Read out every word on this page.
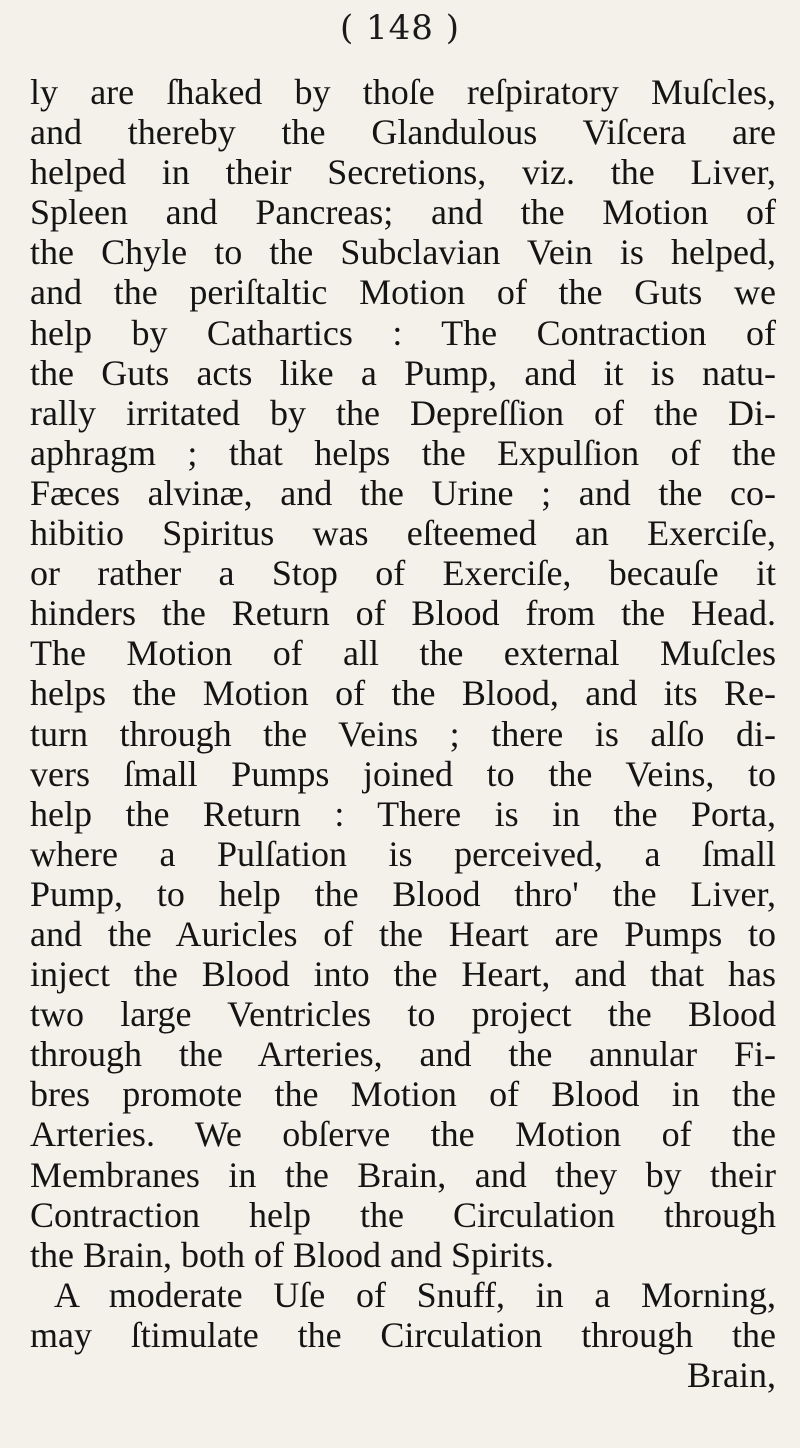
( 148 )
ly are ſhaked by thoſe reſpiratory Muſcles,
and thereby the Glandulous Viſcera are
helped in their Secretions, viz. the Liver,
Spleen and Pancreas; and the Motion of
the Chyle to the Subclavian Vein is helped,
and the periſtaltic Motion of the Guts we
help by Cathartics : The Contraction of
the Guts acts like a Pump, and it is natu-
rally irritated by the Depreſſion of the Di-
aphragm ; that helps the Expulſion of the
Fæces alvinæ, and the Urine ; and the co-
hibitio Spiritus was eſteemed an Exerciſe,
or rather a Stop of Exerciſe, becauſe it
hinders the Return of Blood from the Head.
The Motion of all the external Muſcles
helps the Motion of the Blood, and its Re-
turn through the Veins ; there is alſo di-
vers ſmall Pumps joined to the Veins, to
help the Return : There is in the Porta,
where a Pulſation is perceived, a ſmall
Pump, to help the Blood thro' the Liver,
and the Auricles of the Heart are Pumps to
inject the Blood into the Heart, and that has
two large Ventricles to project the Blood
through the Arteries, and the annular Fi-
bres promote the Motion of Blood in the
Arteries. We obſerve the Motion of the
Membranes in the Brain, and they by their
Contraction help the Circulation through
the Brain, both of Blood and Spirits.
A moderate Uſe of Snuff, in a Morning,
may ſtimulate the Circulation through the
Brain,
